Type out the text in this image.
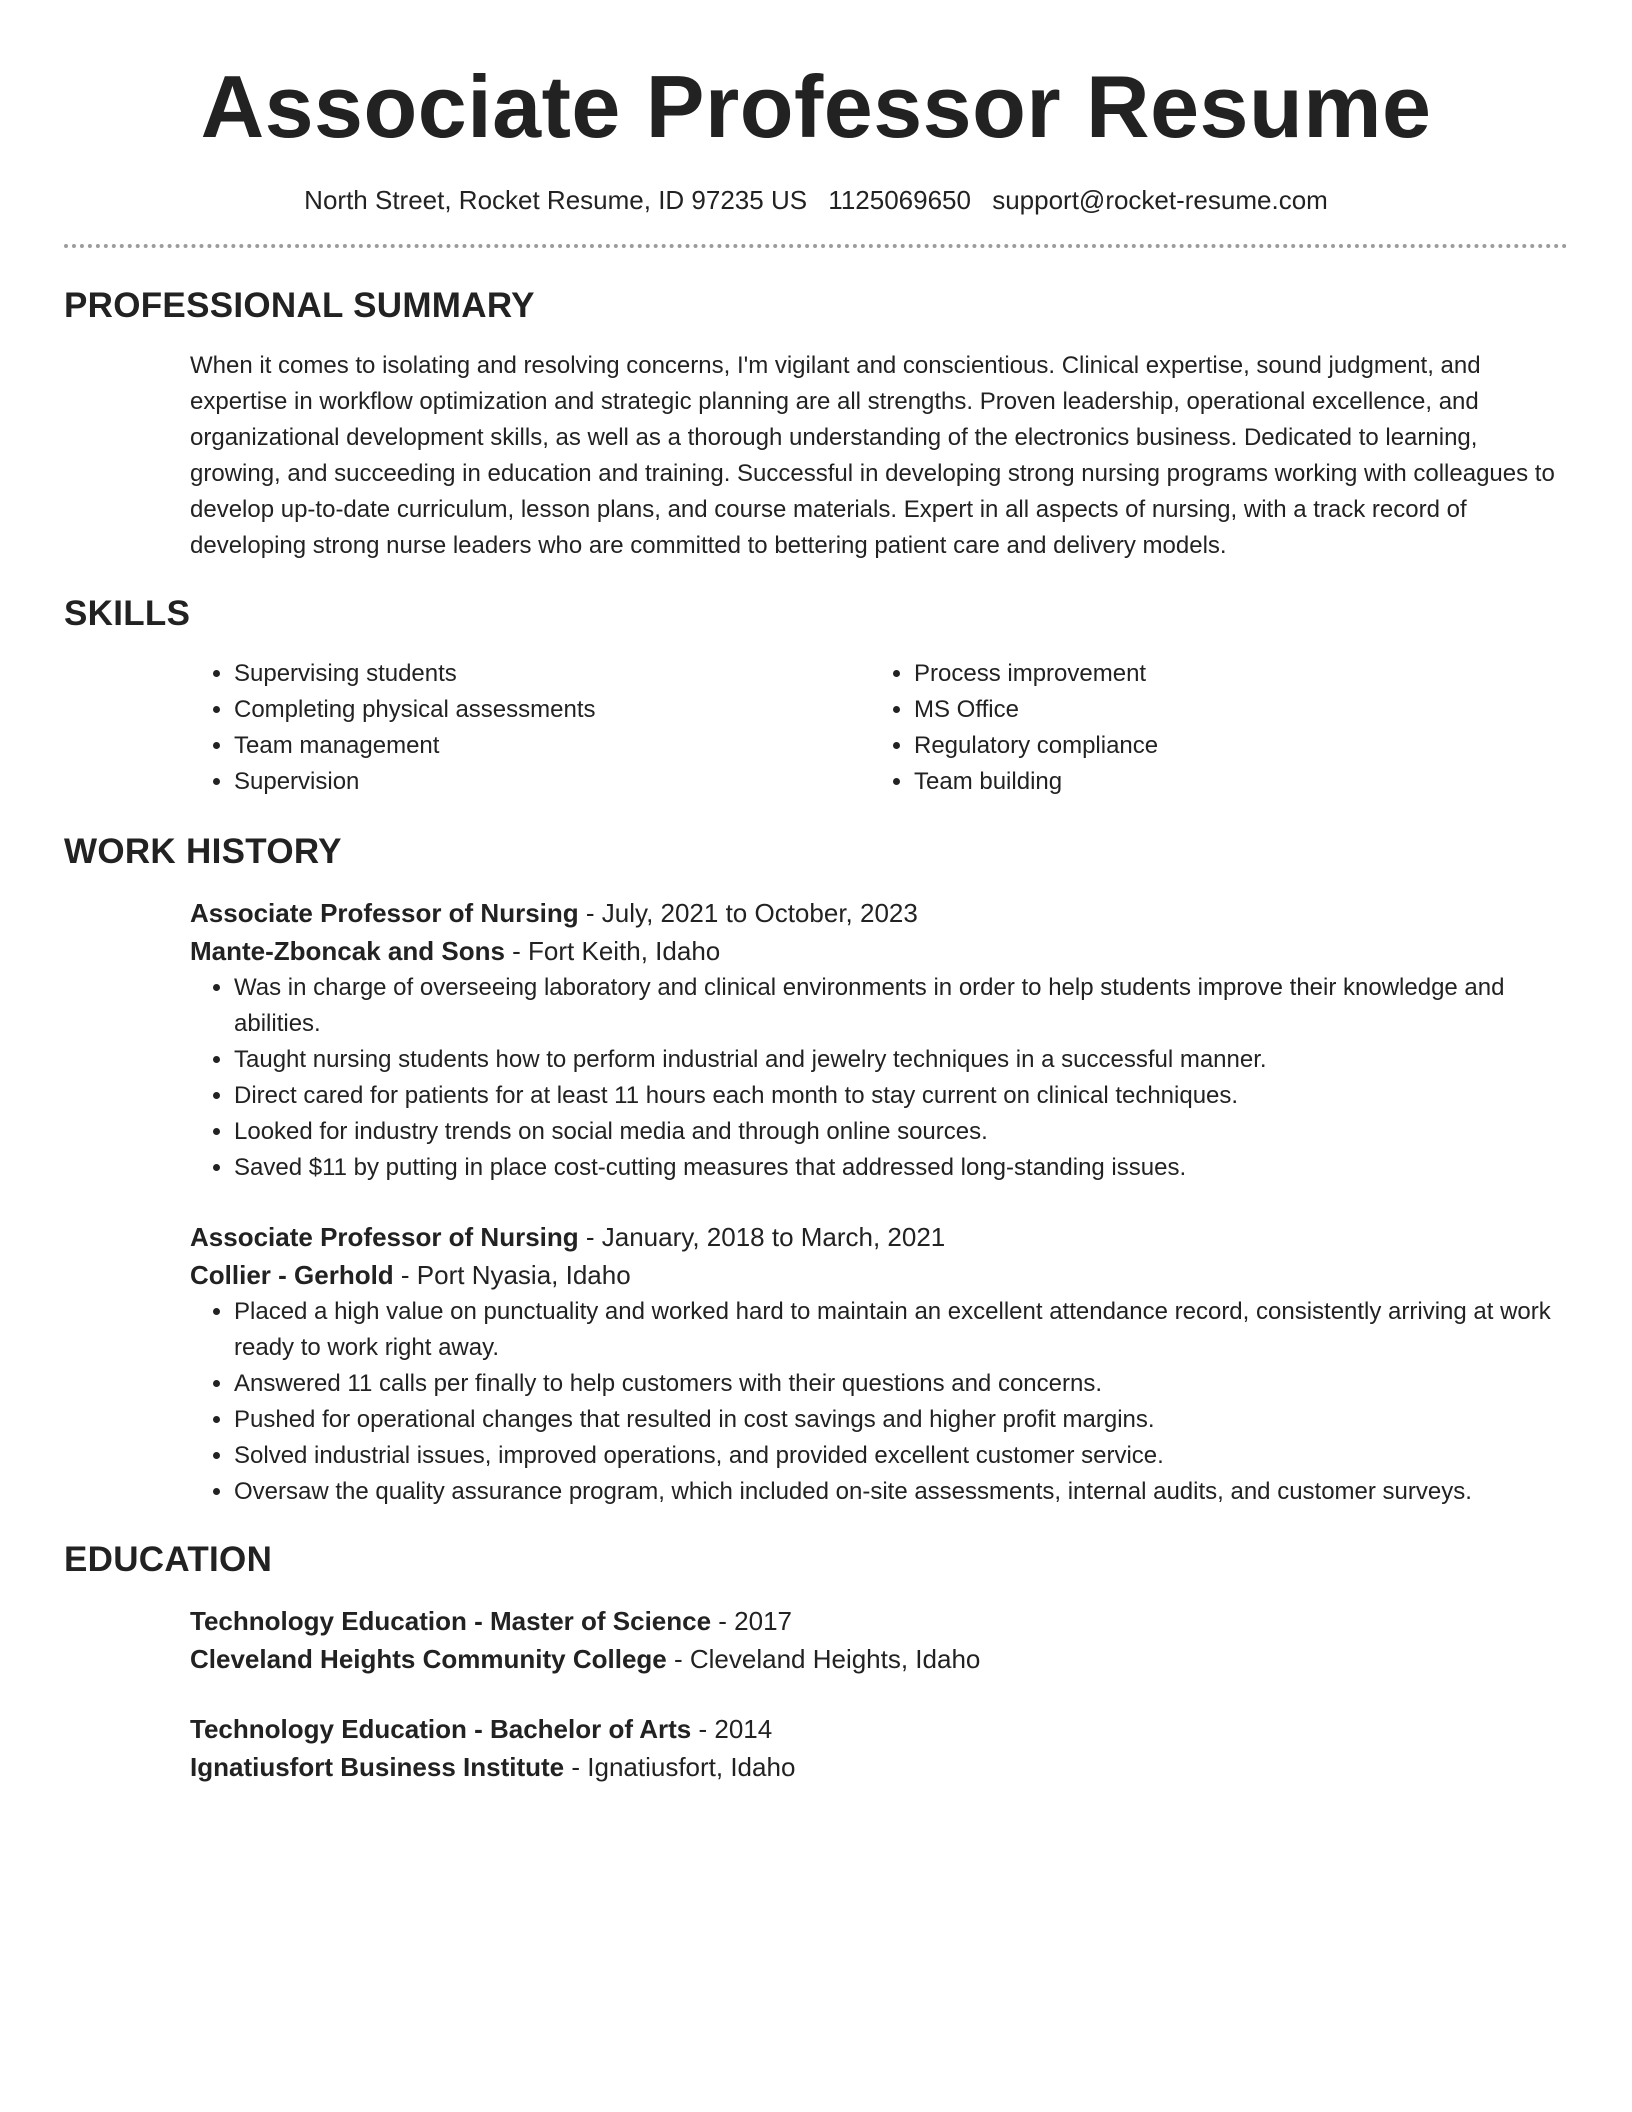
Associate Professor Resume
North Street, Rocket Resume, ID 97235 US 1125069650 support@rocket-resume.com
PROFESSIONAL SUMMARY

When it comes to isolating and resolving concerns, I'm vigilant and conscientious. Clinical expertise, sound judgment, and expertise in workflow optimization and strategic planning are all strengths. Proven leadership, operational excellence, and organizational development skills, as well as a thorough understanding of the electronics business. Dedicated to learning, growing, and succeeding in education and training. Successful in developing strong nursing programs working with colleagues to develop up-to-date curriculum, lesson plans, and course materials. Expert in all aspects of nursing, with a track record of developing strong nurse leaders who are committed to bettering patient care and delivery models.

SKILLS
• Supervising students
• Completing physical assessments
• Team management
• Supervision
• Process improvement
• MS Office
• Regulatory compliance
• Team building
WORK HISTORY
Associate Professor of Nursing - July, 2021 to October, 2023
Mante-Zboncak and Sons - Fort Keith, Idaho
• Was in charge of overseeing laboratory and clinical environments in order to help students improve their knowledge and abilities.
• Taught nursing students how to perform industrial and jewelry techniques in a successful manner.
• Direct cared for patients for at least 11 hours each month to stay current on clinical techniques.
• Looked for industry trends on social media and through online sources.
• Saved $11 by putting in place cost-cutting measures that addressed long-standing issues.
Associate Professor of Nursing - January, 2018 to March, 2021
Collier - Gerhold - Port Nyasia, Idaho
• Placed a high value on punctuality and worked hard to maintain an excellent attendance record, consistently arriving at work ready to work right away.
• Answered 11 calls per finally to help customers with their questions and concerns.
• Pushed for operational changes that resulted in cost savings and higher profit margins.
• Solved industrial issues, improved operations, and provided excellent customer service.
• Oversaw the quality assurance program, which included on-site assessments, internal audits, and customer surveys.
EDUCATION
Technology Education - Master of Science - 2017
Cleveland Heights Community College - Cleveland Heights, Idaho
Technology Education - Bachelor of Arts - 2014
Ignatiusfort Business Institute - Ignatiusfort, Idaho
